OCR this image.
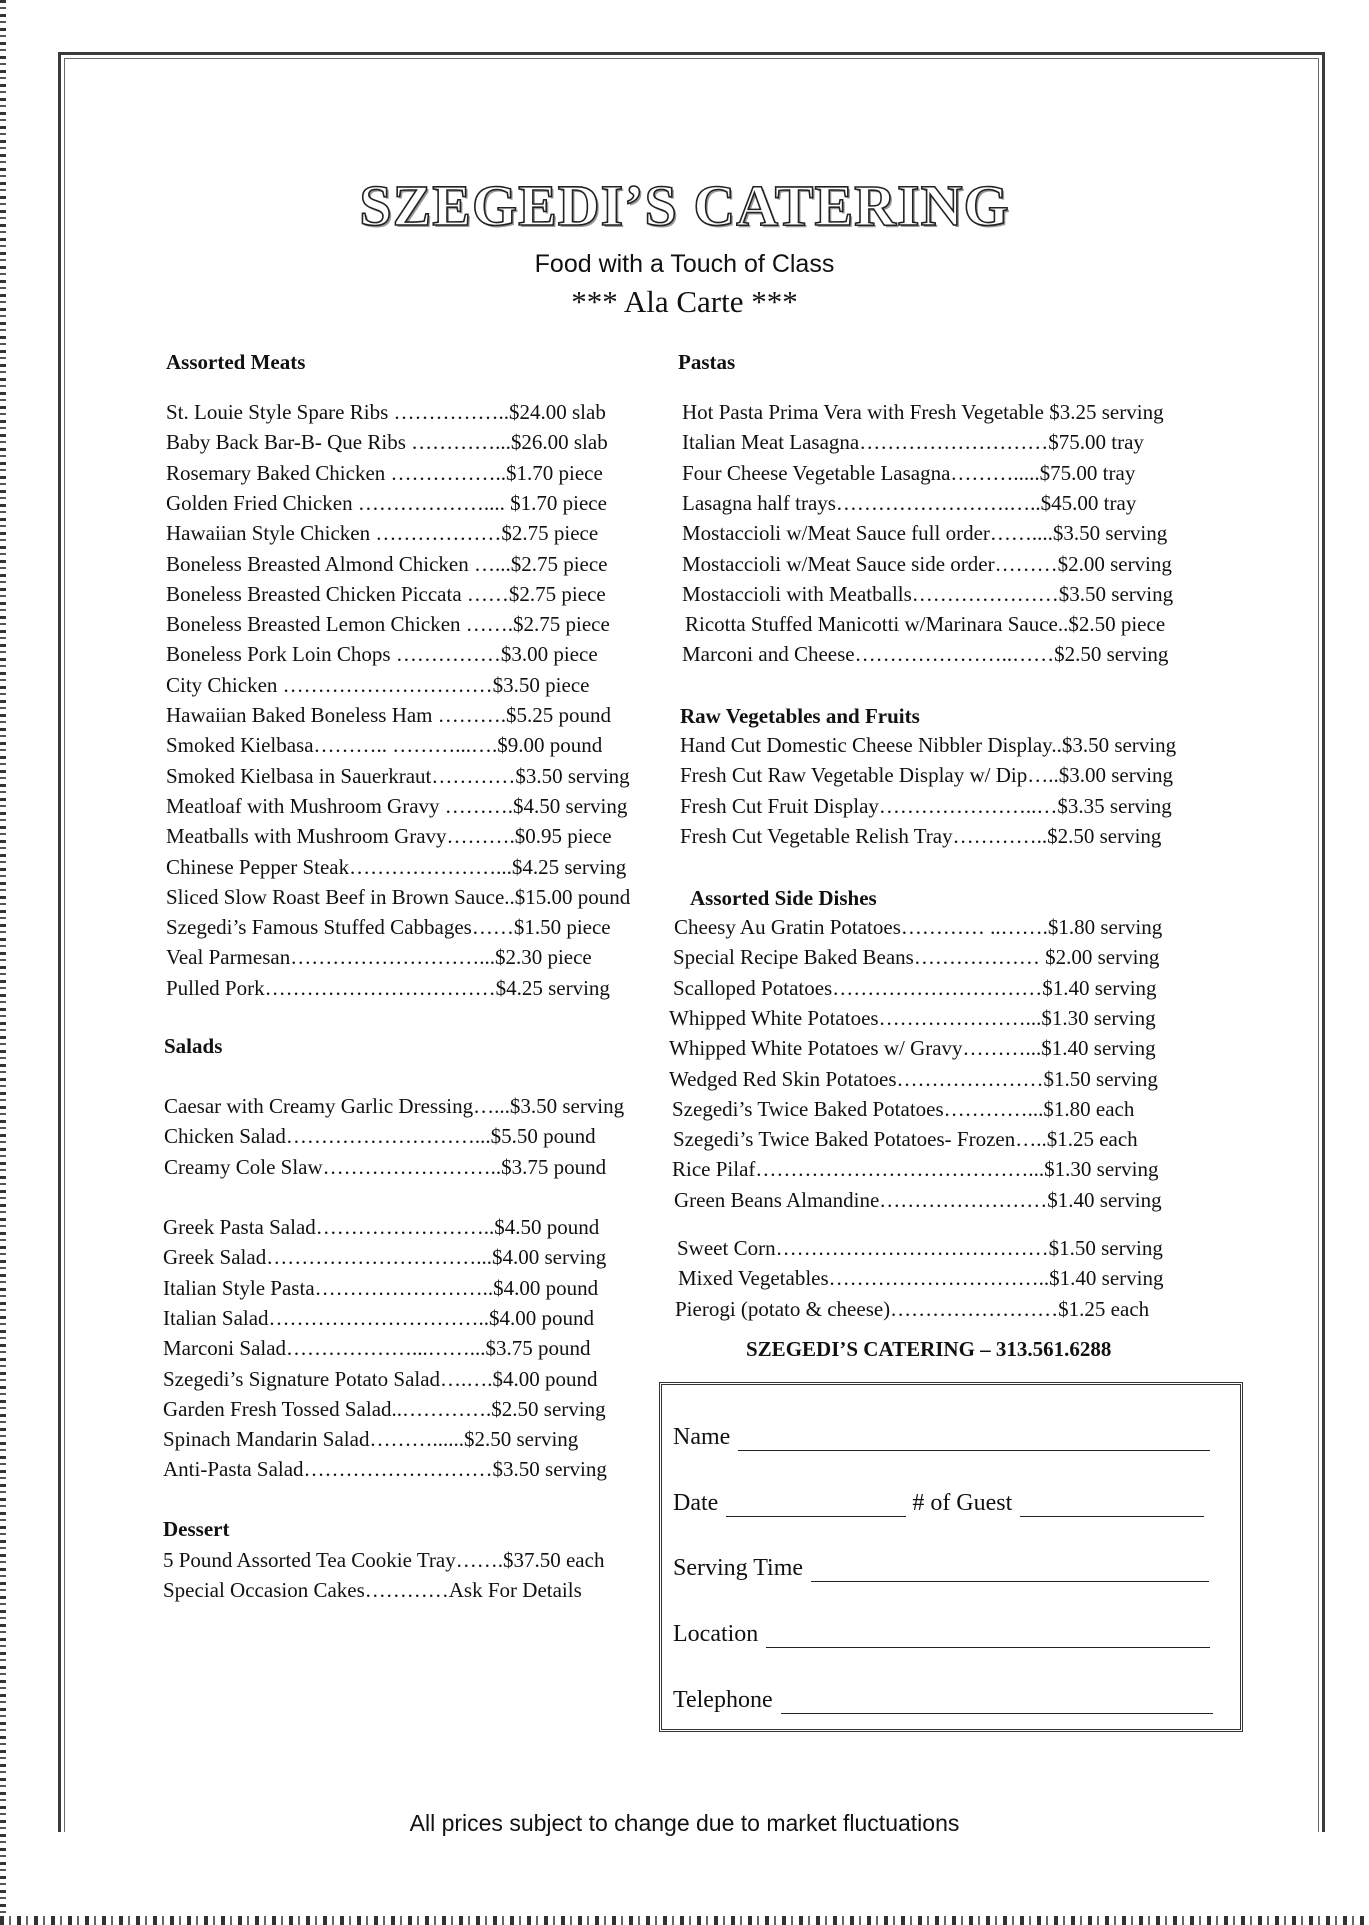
SZEGEDI’S CATERING
Food with a Touch of Class
*** Ala Carte ***
Assorted Meats
St. Louie Style Spare Ribs ……………..$24.00 slab
Baby Back Bar-B- Que Ribs …………...$26.00 slab
Rosemary Baked Chicken ……………..$1.70 piece
Golden Fried Chicken ……………….... $1.70 piece
Hawaiian Style Chicken ………………$2.75 piece
Boneless Breasted Almond Chicken …...$2.75 piece
Boneless Breasted Chicken Piccata ……$2.75 piece
Boneless Breasted Lemon Chicken …….$2.75 piece
Boneless Pork Loin Chops ……………$3.00 piece
City Chicken …………………………$3.50 piece
Hawaiian Baked Boneless Ham ……….$5.25 pound
Smoked Kielbasa……….. ………...….$9.00 pound
Smoked Kielbasa in Sauerkraut…………$3.50 serving
Meatloaf with Mushroom Gravy ……….$4.50 serving
Meatballs with Mushroom Gravy……….$0.95 piece
Chinese Pepper Steak…………………...$4.25 serving
Sliced Slow Roast Beef in Brown Sauce..$15.00 pound
Szegedi’s Famous Stuffed Cabbages……$1.50 piece
Veal Parmesan………………………...$2.30 piece
Pulled Pork……………………………$4.25 serving
Salads
Caesar with Creamy Garlic Dressing…...$3.50 serving
Chicken Salad………………………...$5.50 pound
Creamy Cole Slaw……………………..$3.75 pound
Greek Pasta Salad……………………..$4.50 pound
Greek Salad…………………………...$4.00 serving
Italian Style Pasta……………………..$4.00 pound
Italian Salad…………………………..$4.00 pound
Marconi Salad………………...……...$3.75 pound
Szegedi’s Signature Potato Salad….….$4.00 pound
Garden Fresh Tossed Salad..………….$2.50 serving
Spinach Mandarin Salad………......$2.50 serving
Anti-Pasta Salad………………………$3.50 serving
Dessert
5 Pound Assorted Tea Cookie Tray…….$37.50 each
Special Occasion Cakes…………Ask For Details
Pastas
Hot Pasta Prima Vera with Fresh Vegetable $3.25 serving
Italian Meat Lasagna………………………$75.00 tray
Four Cheese Vegetable Lasagna……….....$75.00 tray
Lasagna half trays…………………….…..$45.00 tray
Mostaccioli w/Meat Sauce full order……....$3.50 serving
Mostaccioli w/Meat Sauce side order………$2.00 serving
Mostaccioli with Meatballs…………………$3.50 serving
Ricotta Stuffed Manicotti w/Marinara Sauce..$2.50 piece
Marconi and Cheese…………………..……$2.50 serving
Raw Vegetables and Fruits
Hand Cut Domestic Cheese Nibbler Display..$3.50 serving
Fresh Cut Raw Vegetable Display w/ Dip…..$3.00 serving
Fresh Cut Fruit Display…………………..…$3.35 serving
Fresh Cut Vegetable Relish Tray…………..$2.50 serving
Assorted Side Dishes
Cheesy Au Gratin Potatoes………… ..…….$1.80 serving
Special Recipe Baked Beans……………… $2.00 serving
Scalloped Potatoes…………………………$1.40 serving
Whipped White Potatoes…………………...$1.30 serving
Whipped White Potatoes w/ Gravy………...$1.40 serving
Wedged Red Skin Potatoes…………………$1.50 serving
Szegedi’s Twice Baked Potatoes…………...$1.80 each
Szegedi’s Twice Baked Potatoes- Frozen…..$1.25 each
Rice Pilaf…………………………………...$1.30 serving
Green Beans Almandine……………………$1.40 serving
Sweet Corn…………………………………$1.50 serving
Mixed Vegetables…………………………..$1.40 serving
Pierogi (potato & cheese)……………………$1.25 each
SZEGEDI’S CATERING – 313.561.6288
Name
Date	# of Guest
Serving Time
Location
Telephone
All prices subject to change due to market fluctuations
